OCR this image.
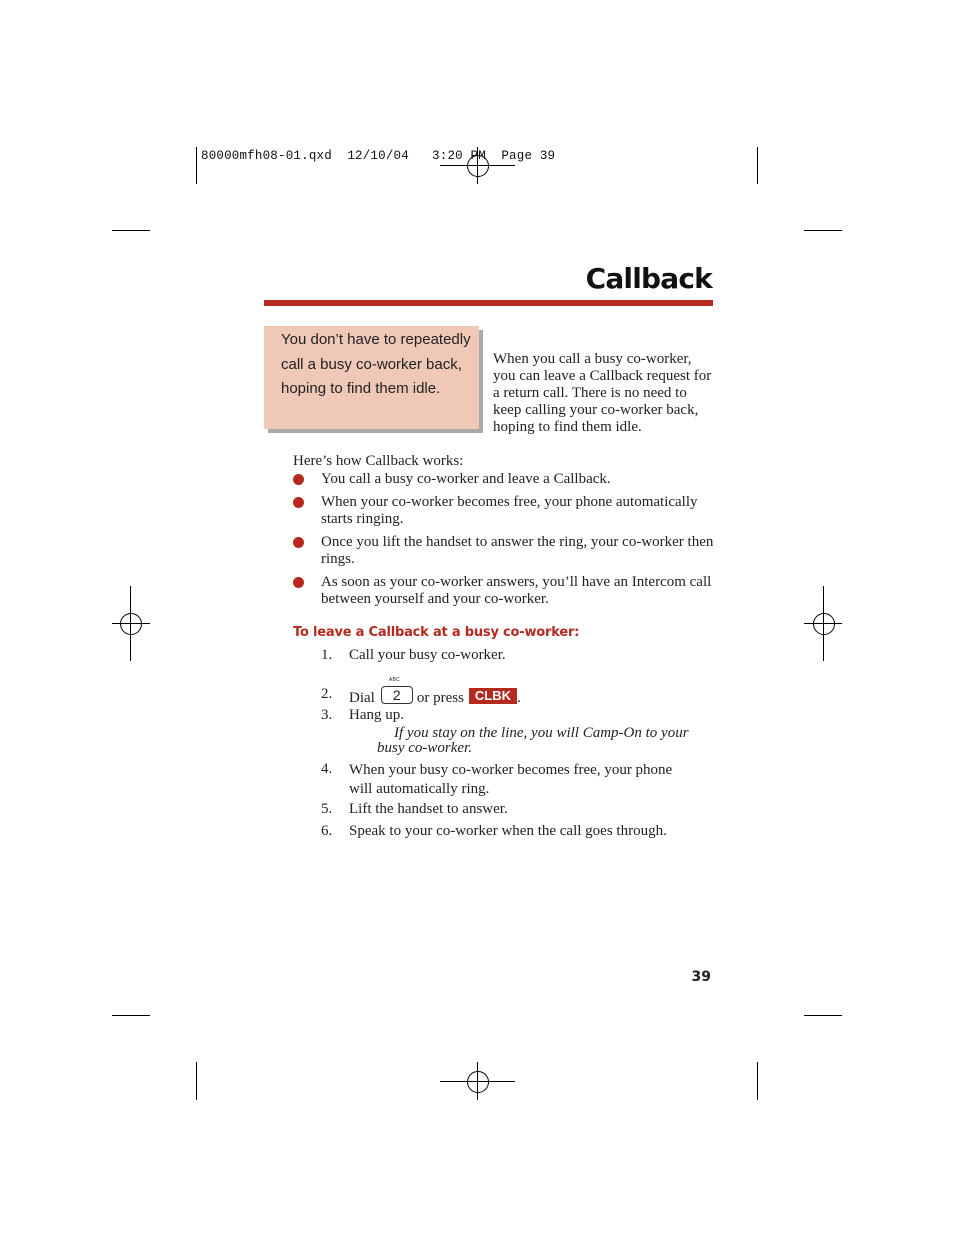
80000mfh08-01.qxd  12/10/04   3:20 PM  Page 39
Callback
You don’t have to repeatedly call a busy co-worker back, hoping to find them idle.
When you call a busy co-worker, you can leave a Callback request for a return call. There is no need to keep calling your co-worker back, hoping to find them idle.
Here’s how Callback works:
You call a busy co-worker and leave a Callback.
When your co-worker becomes free, your phone automatically starts ringing.
Once you lift the handset to answer the ring, your co-worker then rings.
As soon as your co-worker answers, you’ll have an Intercom call between yourself and your co-worker.
To leave a Callback at a busy co-worker:
1. Call your busy co-worker.
2. Dial
ABC
2 or press CLBK .
3. Hang up.
If you stay on the line, you will Camp-On to your busy co-worker.
4. When your busy co-worker becomes free, your phone will automatically ring.
5. Lift the handset to answer.
6. Speak to your co-worker when the call goes through.
39
